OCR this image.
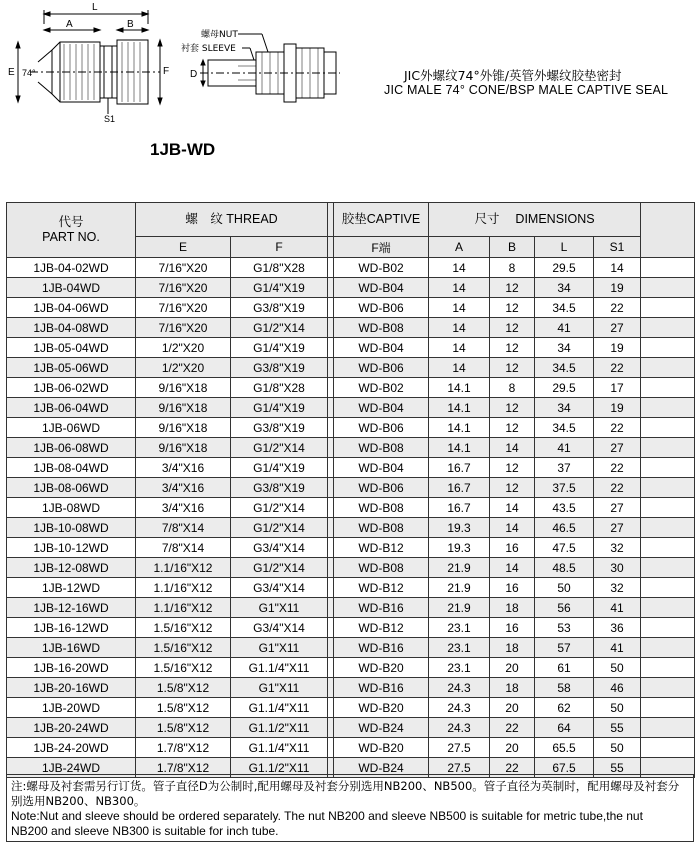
L
A	B
E 74°	F
S1
D
螺母NUT
衬套 SLEEVE
1JB-WD
JIC外螺纹74°外锥/英管外螺纹胶垫密封
JIC MALE 74° CONE/BSP MALE CAPTIVE SEAL
代号
PART NO.	螺　纹 THREAD			胶垫CAPTIVE	尺寸　 DIMENSIONS				
	E	F		F端	A	B	L	S1	
1JB-04-02WD	7/16"X20	G1/8"X28		WD-B02	14	8	29.5	14	
1JB-04WD	7/16"X20	G1/4"X19		WD-B04	14	12	34	19	
1JB-04-06WD	7/16"X20	G3/8"X19		WD-B06	14	12	34.5	22	
1JB-04-08WD	7/16"X20	G1/2"X14		WD-B08	14	12	41	27	
1JB-05-04WD	1/2"X20	G1/4"X19		WD-B04	14	12	34	19	
1JB-05-06WD	1/2"X20	G3/8"X19		WD-B06	14	12	34.5	22	
1JB-06-02WD	9/16"X18	G1/8"X28		WD-B02	14.1	8	29.5	17	
1JB-06-04WD	9/16"X18	G1/4"X19		WD-B04	14.1	12	34	19	
1JB-06WD	9/16"X18	G3/8"X19		WD-B06	14.1	12	34.5	22	
1JB-06-08WD	9/16"X18	G1/2"X14		WD-B08	14.1	14	41	27	
1JB-08-04WD	3/4"X16	G1/4"X19		WD-B04	16.7	12	37	22	
1JB-08-06WD	3/4"X16	G3/8"X19		WD-B06	16.7	12	37.5	22	
1JB-08WD	3/4"X16	G1/2"X14		WD-B08	16.7	14	43.5	27	
1JB-10-08WD	7/8"X14	G1/2"X14		WD-B08	19.3	14	46.5	27	
1JB-10-12WD	7/8"X14	G3/4"X14		WD-B12	19.3	16	47.5	32	
1JB-12-08WD	1.1/16"X12	G1/2"X14		WD-B08	21.9	14	48.5	30	
1JB-12WD	1.1/16"X12	G3/4"X14		WD-B12	21.9	16	50	32	
1JB-12-16WD	1.1/16"X12	G1"X11		WD-B16	21.9	18	56	41	
1JB-16-12WD	1.5/16"X12	G3/4"X14		WD-B12	23.1	16	53	36	
1JB-16WD	1.5/16"X12	G1"X11		WD-B16	23.1	18	57	41	
1JB-16-20WD	1.5/16"X12	G1.1/4"X11		WD-B20	23.1	20	61	50	
1JB-20-16WD	1.5/8"X12	G1"X11		WD-B16	24.3	18	58	46	
1JB-20WD	1.5/8"X12	G1.1/4"X11		WD-B20	24.3	20	62	50	
1JB-20-24WD	1.5/8"X12	G1.1/2"X11		WD-B24	24.3	22	64	55	
1JB-24-20WD	1.7/8"X12	G1.1/4"X11		WD-B20	27.5	20	65.5	50	
1JB-24WD	1.7/8"X12	G1.1/2"X11		WD-B24	27.5	22	67.5	55	
注:螺母及衬套需另行订货。管子直径D为公制时,配用螺母及衬套分别选用NB200、NB500。管子直径为英制时，配用螺母及衬套分别选用NB200、NB300。
Note:Nut and sleeve should be ordered separately. The nut NB200 and sleeve NB500 is suitable for metric tube,the nut
NB200 and sleeve NB300 is suitable for inch tube.
